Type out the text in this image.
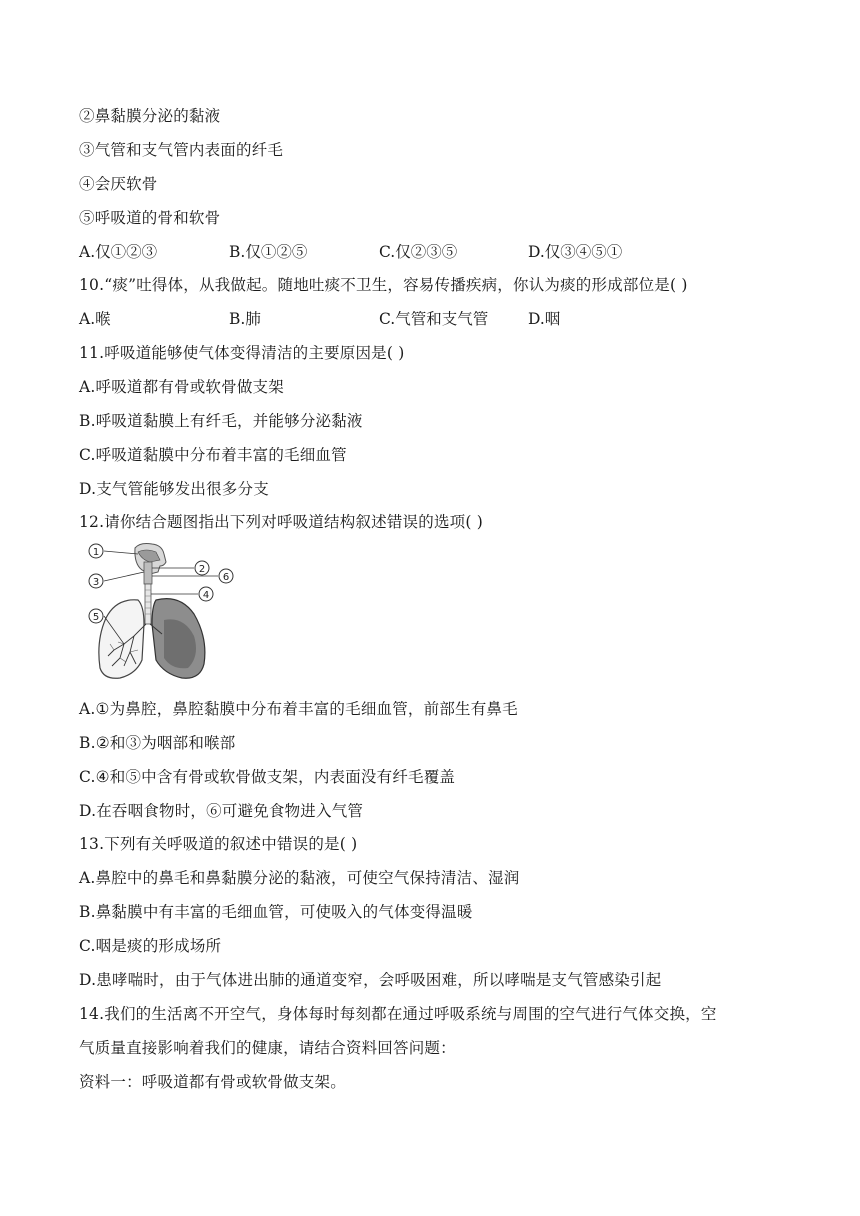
②鼻黏膜分泌的黏液
③气管和支气管内表面的纤毛
④会厌软骨
⑤呼吸道的骨和软骨
A.仅①②③	B.仅①②⑤	C.仅②③⑤	D.仅③④⑤①
10.“痰”吐得体，从我做起。随地吐痰不卫生，容易传播疾病，你认为痰的形成部位是( )
A.喉	B.肺	C.气管和支气管	D.咽
11.呼吸道能够使气体变得清洁的主要原因是( )
A.呼吸道都有骨或软骨做支架
B.呼吸道黏膜上有纤毛，并能够分泌黏液
C.呼吸道黏膜中分布着丰富的毛细血管
D.支气管能够发出很多分支
12.请你结合题图指出下列对呼吸道结构叙述错误的选项( )
1
3
5
2
6
4
A.①为鼻腔，鼻腔黏膜中分布着丰富的毛细血管，前部生有鼻毛
B.②和③为咽部和喉部
C.④和⑤中含有骨或软骨做支架，内表面没有纤毛覆盖
D.在吞咽食物时，⑥可避免食物进入气管
13.下列有关呼吸道的叙述中错误的是( )
A.鼻腔中的鼻毛和鼻黏膜分泌的黏液，可使空气保持清洁、湿润
B.鼻黏膜中有丰富的毛细血管，可使吸入的气体变得温暖
C.咽是痰的形成场所
D.患哮喘时，由于气体进出肺的通道变窄，会呼吸困难，所以哮喘是支气管感染引起
14.我们的生活离不开空气，身体每时每刻都在通过呼吸系统与周围的空气进行气体交换，空
气质量直接影响着我们的健康，请结合资料回答问题：
资料一：呼吸道都有骨或软骨做支架。
